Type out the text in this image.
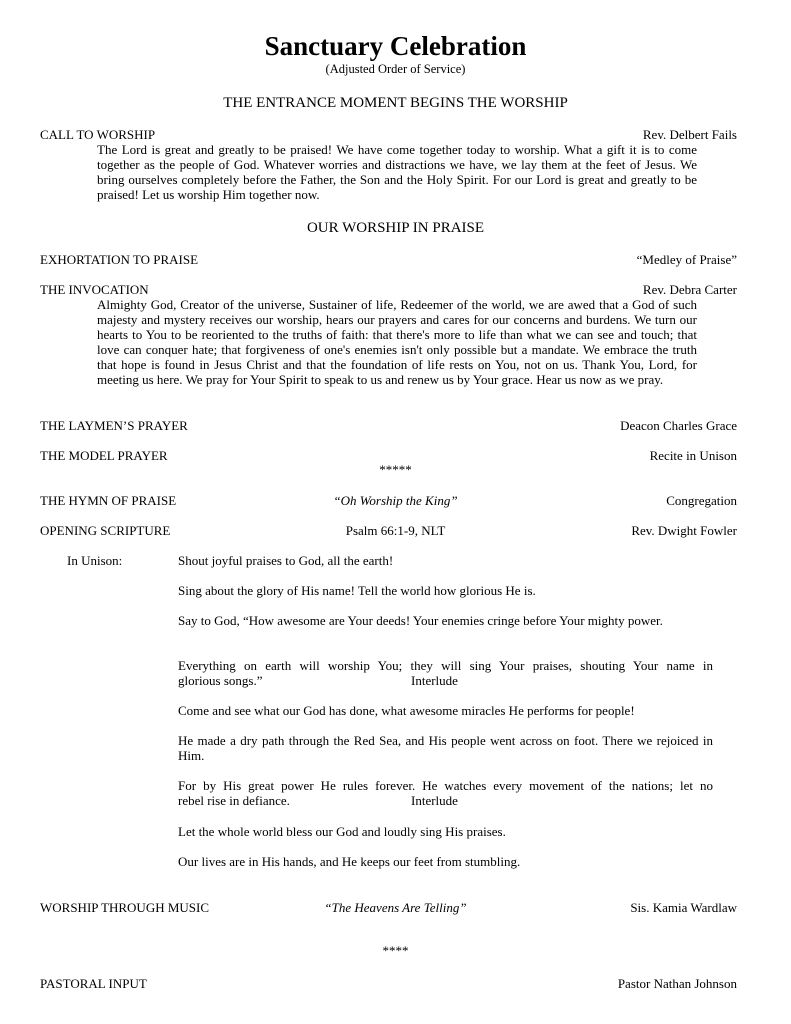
Sanctuary Celebration
(Adjusted Order of Service)
THE ENTRANCE MOMENT BEGINS THE WORSHIP
CALL TO WORSHIP	Rev. Delbert Fails
The Lord is great and greatly to be praised! We have come together today to worship. What a gift it is to come together as the people of God. Whatever worries and distractions we have, we lay them at the feet of Jesus. We bring ourselves completely before the Father, the Son and the Holy Spirit. For our Lord is great and greatly to be praised! Let us worship Him together now.
OUR WORSHIP IN PRAISE
EXHORTATION TO PRAISE	“Medley of Praise”
THE INVOCATION	Rev. Debra Carter
Almighty God, Creator of the universe, Sustainer of life, Redeemer of the world, we are awed that a God of such majesty and mystery receives our worship, hears our prayers and cares for our concerns and burdens. We turn our hearts to You to be reoriented to the truths of faith: that there's more to life than what we can see and touch; that love can conquer hate; that forgiveness of one's enemies isn't only possible but a mandate. We embrace the truth that hope is found in Jesus Christ and that the foundation of life rests on You, not on us. Thank You, Lord, for meeting us here. We pray for Your Spirit to speak to us and renew us by Your grace. Hear us now as we pray.
THE LAYMEN’S PRAYER	Deacon Charles Grace
THE MODEL PRAYER	Recite in Unison
*****
THE HYMN OF PRAISE	“Oh Worship the King”	Congregation
OPENING SCRIPTURE	Psalm 66:1-9, NLT	Rev. Dwight Fowler
In Unison:	Shout joyful praises to God, all the earth!
Sing about the glory of His name! Tell the world how glorious He is.
Say to God, “How awesome are Your deeds! Your enemies cringe before Your mighty power.
Everything on earth will worship You; they will sing Your praises, shouting Your name in
glorious songs.”	Interlude
Come and see what our God has done, what awesome miracles He performs for people!
He made a dry path through the Red Sea, and His people went across on foot. There we rejoiced in Him.
For by His great power He rules forever. He watches every movement of the nations; let no
rebel rise in defiance.	Interlude
Let the whole world bless our God and loudly sing His praises.
Our lives are in His hands, and He keeps our feet from stumbling.
WORSHIP THROUGH MUSIC	“The Heavens Are Telling”	Sis. Kamia Wardlaw
****
PASTORAL INPUT	Pastor Nathan Johnson
